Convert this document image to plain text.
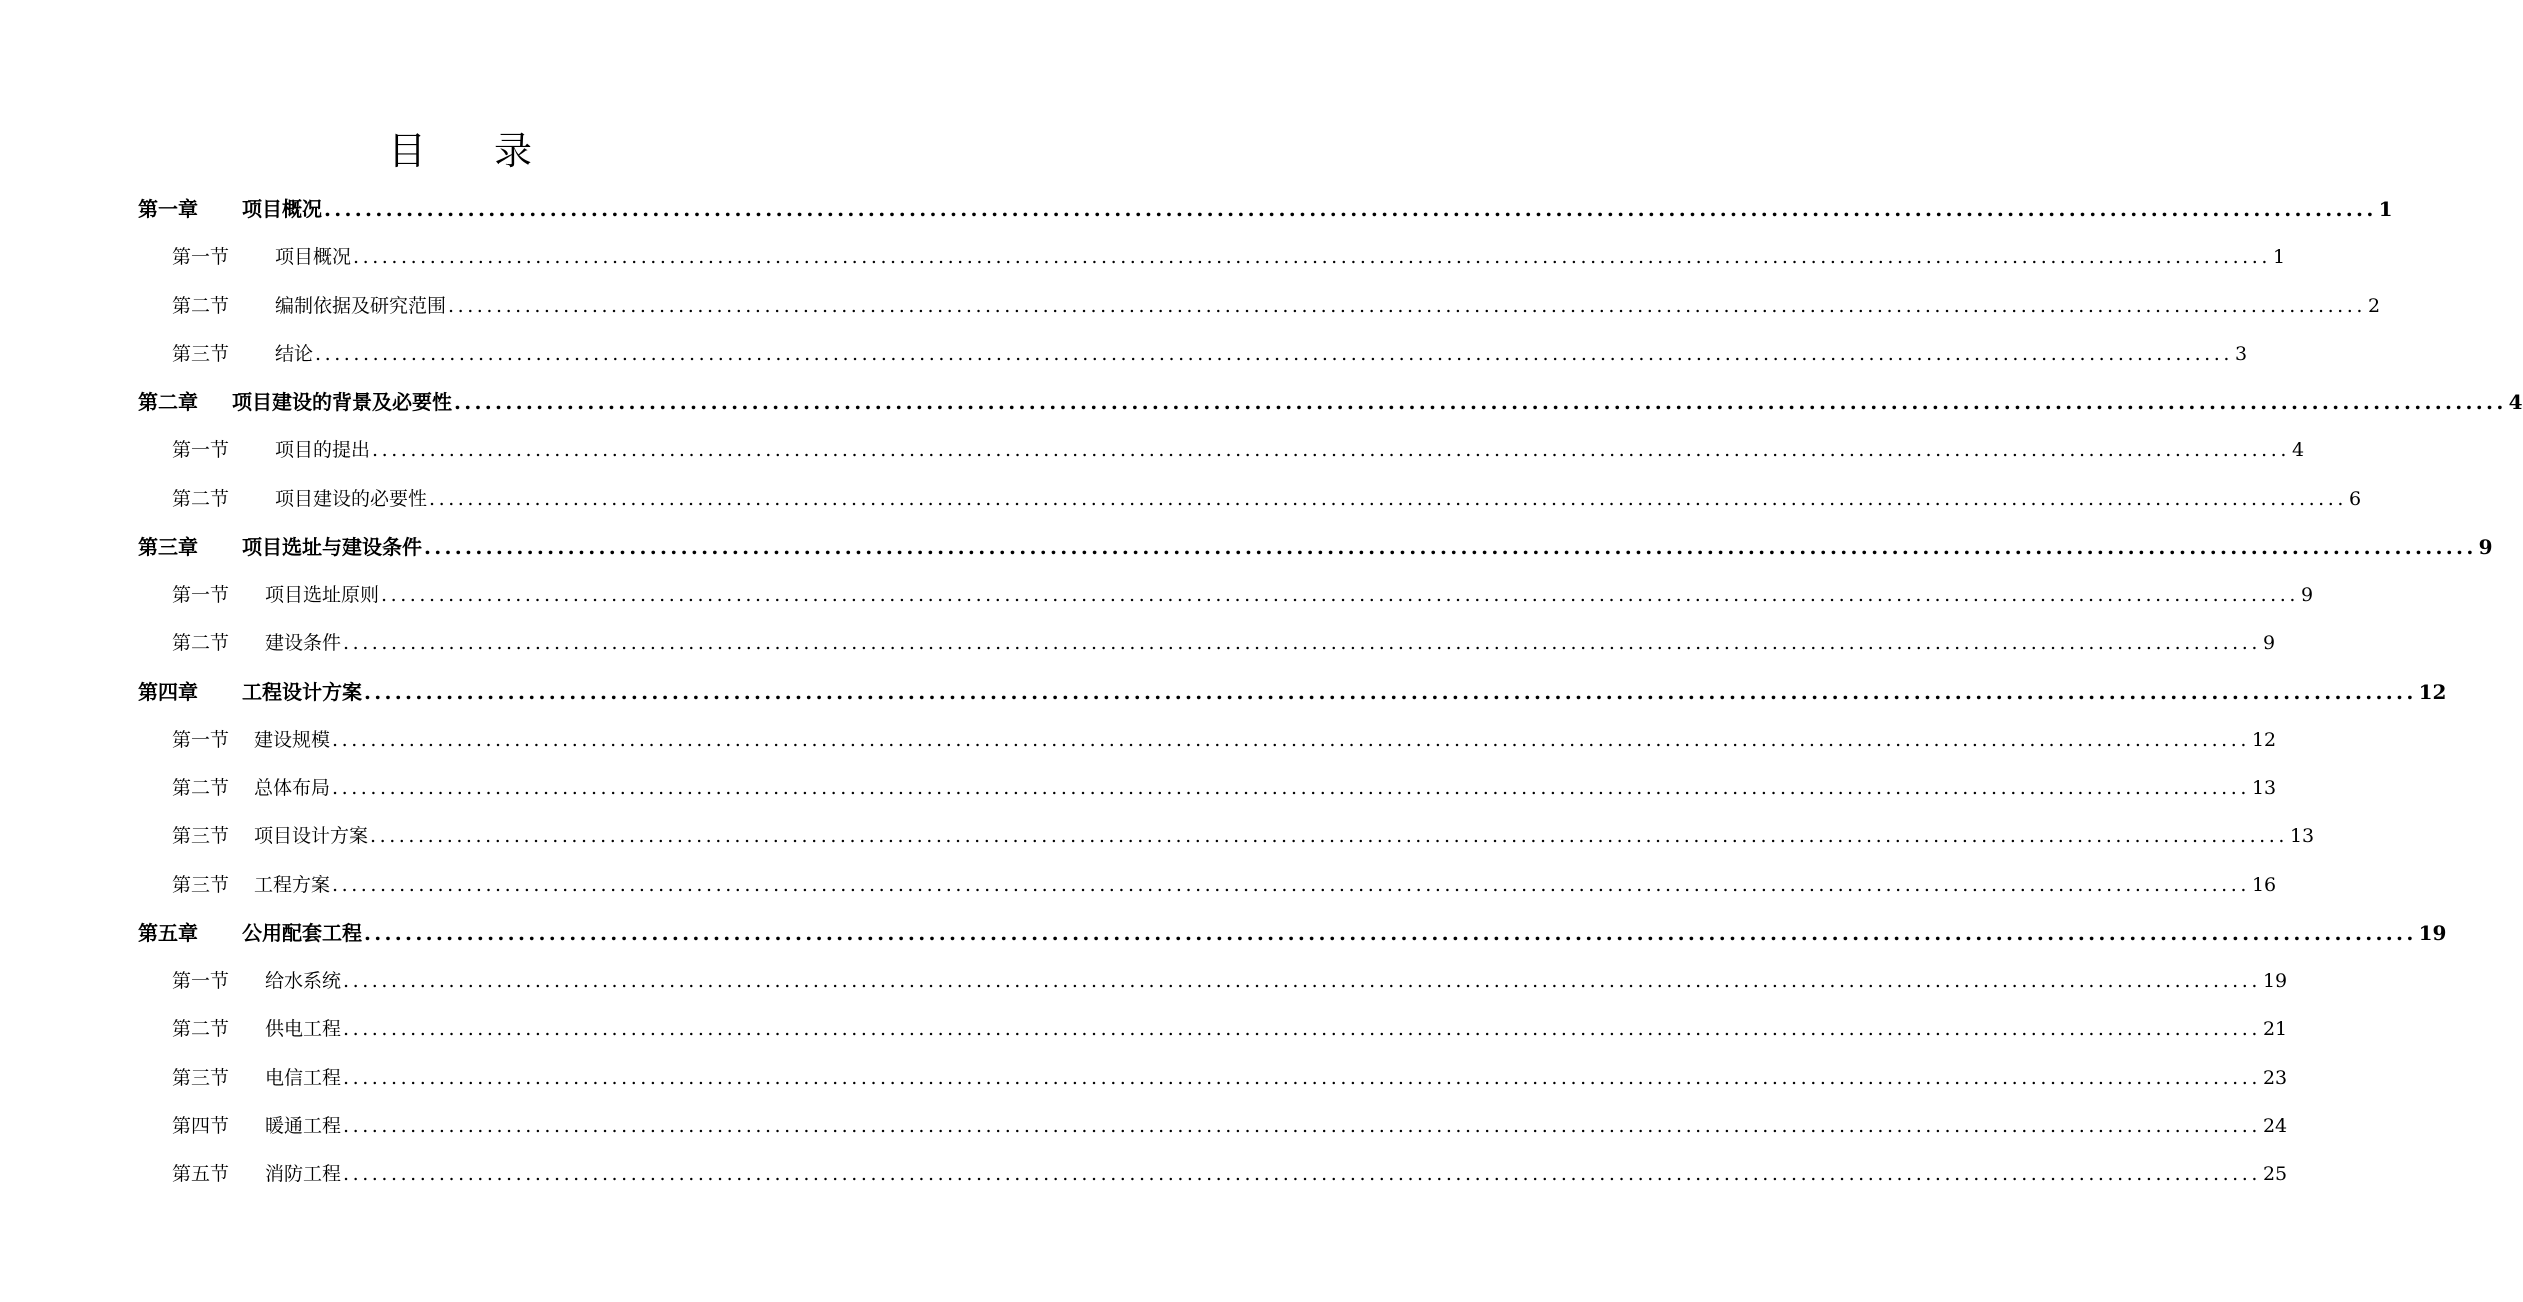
目 录
第一章 项目概况 ........................................................................................................................................................................................................ 1
第一节 项目概况 ........................................................................................................................................................................................................ 1
第二节 编制依据及研究范围 ........................................................................................................................................................................................................ 2
第三节 结论 ........................................................................................................................................................................................................ 3
第二章 项目建设的背景及必要性 ........................................................................................................................................................................................................ 4
第一节 项目的提出 ........................................................................................................................................................................................................ 4
第二节 项目建设的必要性 ........................................................................................................................................................................................................ 6
第三章 项目选址与建设条件 ........................................................................................................................................................................................................ 9
第一节 项目选址原则 ........................................................................................................................................................................................................ 9
第二节 建设条件 ........................................................................................................................................................................................................ 9
第四章 工程设计方案 ........................................................................................................................................................................................................ 12
第一节 建设规模 ........................................................................................................................................................................................................ 12
第二节 总体布局 ........................................................................................................................................................................................................ 13
第三节 项目设计方案 ........................................................................................................................................................................................................ 13
第三节 工程方案 ........................................................................................................................................................................................................ 16
第五章 公用配套工程 ........................................................................................................................................................................................................ 19
第一节 给水系统 ........................................................................................................................................................................................................ 19
第二节 供电工程 ........................................................................................................................................................................................................ 21
第三节 电信工程 ........................................................................................................................................................................................................ 23
第四节 暖通工程 ........................................................................................................................................................................................................ 24
第五节 消防工程 ........................................................................................................................................................................................................ 25
